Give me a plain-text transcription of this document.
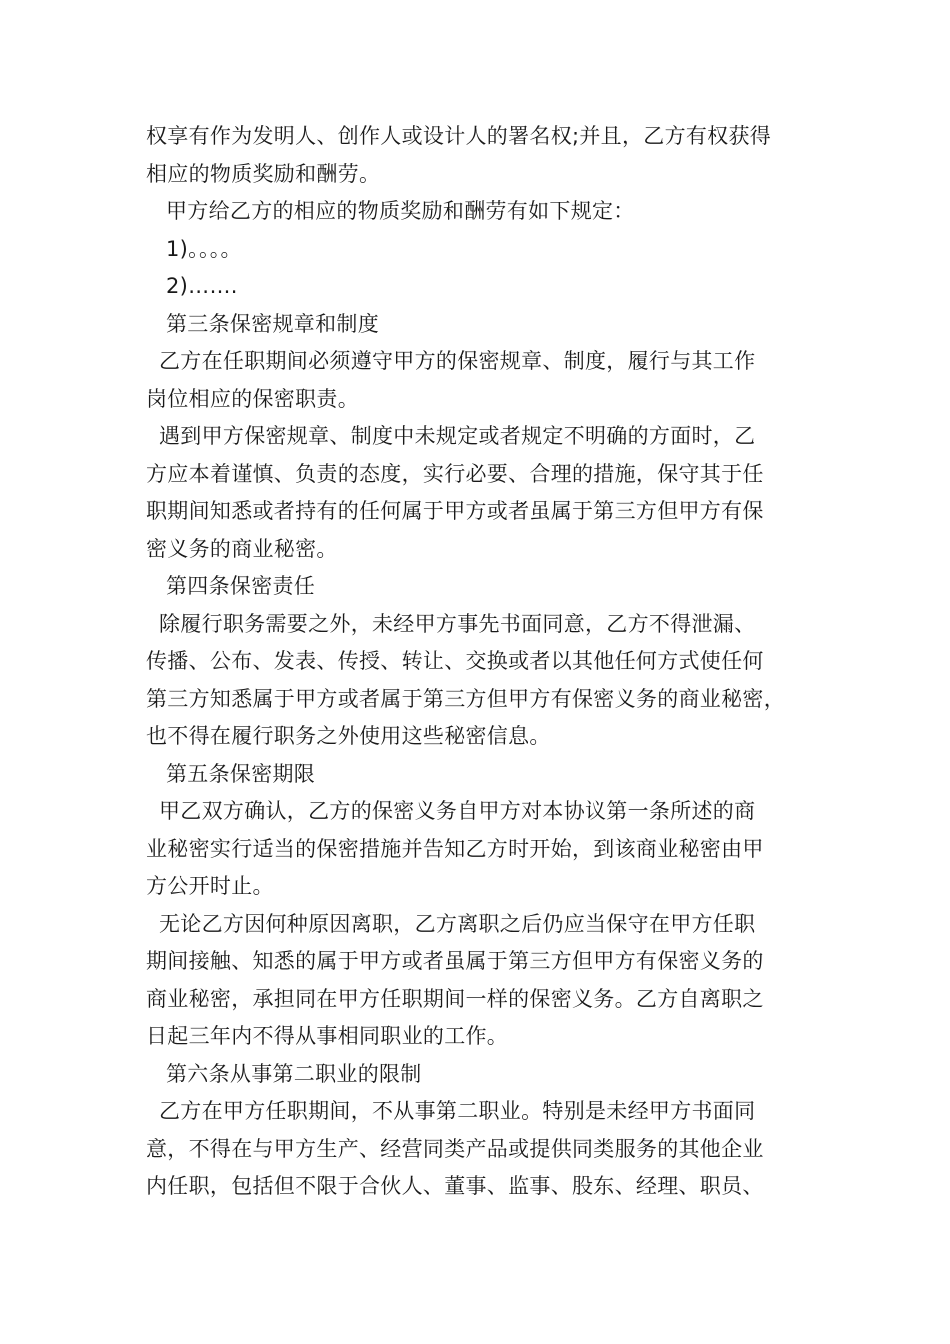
权享有作为发明人、创作人或设计人的署名权;并且，乙方有权获得
相应的物质奖励和酬劳。
甲方给乙方的相应的物质奖励和酬劳有如下规定：
1)。。。。
2)…….
第三条保密规章和制度
乙方在任职期间必须遵守甲方的保密规章、制度，履行与其工作
岗位相应的保密职责。
遇到甲方保密规章、制度中未规定或者规定不明确的方面时，乙
方应本着谨慎、负责的态度，实行必要、合理的措施，保守其于任
职期间知悉或者持有的任何属于甲方或者虽属于第三方但甲方有保
密义务的商业秘密。
第四条保密责任
除履行职务需要之外，未经甲方事先书面同意，乙方不得泄漏、
传播、公布、发表、传授、转让、交换或者以其他任何方式使任何
第三方知悉属于甲方或者属于第三方但甲方有保密义务的商业秘密，
也不得在履行职务之外使用这些秘密信息。
第五条保密期限
甲乙双方确认，乙方的保密义务自甲方对本协议第一条所述的商
业秘密实行适当的保密措施并告知乙方时开始，到该商业秘密由甲
方公开时止。
无论乙方因何种原因离职，乙方离职之后仍应当保守在甲方任职
期间接触、知悉的属于甲方或者虽属于第三方但甲方有保密义务的
商业秘密，承担同在甲方任职期间一样的保密义务。乙方自离职之
日起三年内不得从事相同职业的工作。
第六条从事第二职业的限制
乙方在甲方任职期间，不从事第二职业。特别是未经甲方书面同
意，不得在与甲方生产、经营同类产品或提供同类服务的其他企业
内任职，包括但不限于合伙人、董事、监事、股东、经理、职员、
